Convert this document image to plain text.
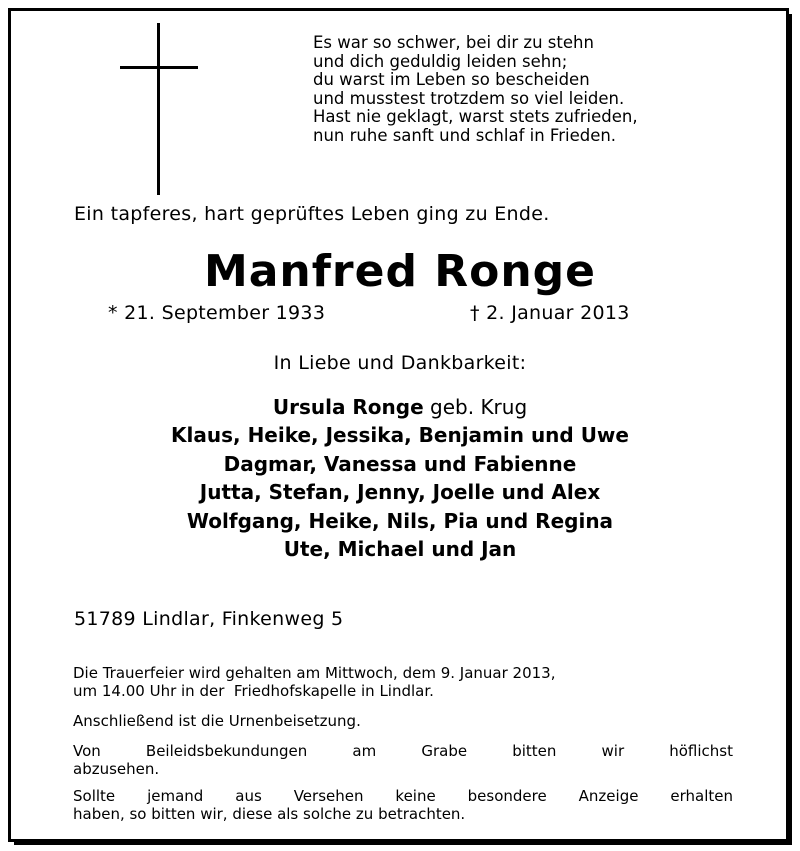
Es war so schwer, bei dir zu stehn
und dich geduldig leiden sehn;
du warst im Leben so bescheiden
und musstest trotzdem so viel leiden.
Hast nie geklagt, warst stets zufrieden,
nun ruhe sanft und schlaf in Frieden.
Ein tapferes, hart geprüftes Leben ging zu Ende.
Manfred Ronge
* 21. September 1933	† 2. Januar 2013
In Liebe und Dankbarkeit:
Ursula Ronge geb. Krug
Klaus, Heike, Jessika, Benjamin und Uwe
Dagmar, Vanessa und Fabienne
Jutta, Stefan, Jenny, Joelle und Alex
Wolfgang, Heike, Nils, Pia und Regina
Ute, Michael und Jan
51789 Lindlar, Finkenweg 5
Die Trauerfeier wird gehalten am Mittwoch, dem 9. Januar 2013,
um 14.00 Uhr in der  Friedhofskapelle in Lindlar.
Anschließend ist die Urnenbeisetzung.
Von Beileidsbekundungen am Grabe bitten wir höflichst
abzusehen.
Sollte jemand aus Versehen keine besondere Anzeige erhalten
haben, so bitten wir, diese als solche zu betrachten.
